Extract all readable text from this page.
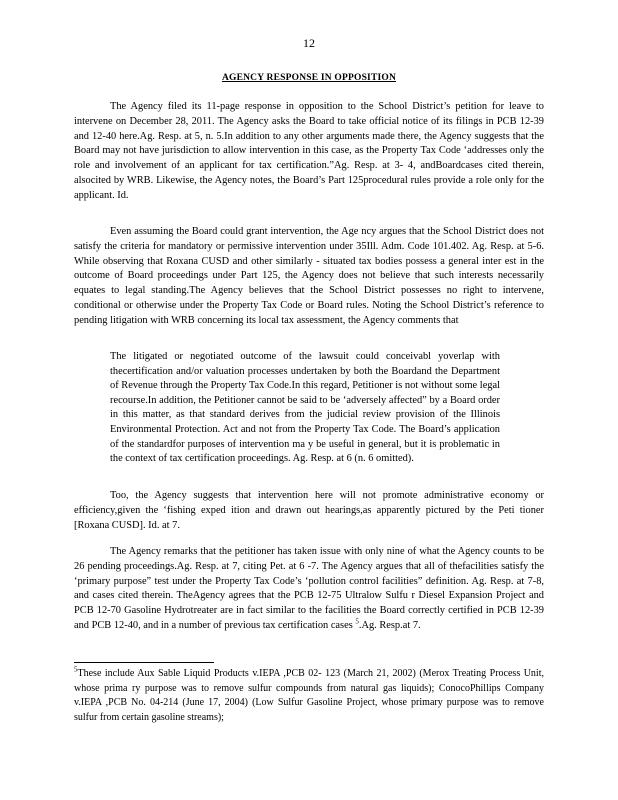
12
AGENCY RESPONSE IN OPPOSITION

The Agency filed its 11-page response in opposition to the School District’s petition for leave to intervene on December 28, 2011. The Agency asks the Board to take official notice of its filings in PCB 12-39 and 12-40 here.Ag. Resp. at 5, n. 5.In addition to any other arguments made there, the Agency suggests that the Board may not have jurisdiction to allow intervention in this case, as the Property Tax Code ‘addresses only the role and involvement of an applicant for tax certification.”Ag. Resp. at 3- 4, andBoardcases cited therein, alsocited by WRB. Likewise, the Agency notes, the Board’s Part 125procedural rules provide a role only for the applicant. Id.

Even assuming the Board could grant intervention, the Age ncy argues that the School District does not satisfy the criteria for mandatory or permissive intervention under 35Ill. Adm. Code 101.402. Ag. Resp. at 5-6. While observing that Roxana CUSD and other similarly - situated tax bodies possess a general inter est in the outcome of Board proceedings under Part 125, the Agency does not believe that such interests necessarily equates to legal standing.The Agency believes that the School District possesses no right to intervene, conditional or otherwise under the Property Tax Code or Board rules. Noting the School District’s reference to pending litigation with WRB concerning its local tax assessment, the Agency comments that

The litigated or negotiated outcome of the lawsuit could conceivabl yoverlap with thecertification and/or valuation processes undertaken by both the Boardand the Department of Revenue through the Property Tax Code.In this regard, Petitioner is not without some legal recourse.In addition, the Petitioner cannot be said to be ‘adversely affected” by a Board order in this matter, as that standard derives from the judicial review provision of the Illinois Environmental Protection. Act and not from the Property Tax Code. The Board’s application of the standardfor purposes of intervention ma y be useful in general, but it is problematic in the context of tax certification proceedings. Ag. Resp. at 6 (n. 6 omitted).

Too, the Agency suggests that intervention here will not promote administrative economy or efficiency,given the ‘fishing exped ition and drawn out hearings,as apparently pictured by the Peti tioner [Roxana CUSD]. Id. at 7.

The Agency remarks that the petitioner has taken issue with only nine of what the Agency counts to be 26 pending proceedings.Ag. Resp. at 7, citing Pet. at 6 -7. The Agency argues that all of thefacilities satisfy the ‘primary purpose” test under the Property Tax Code’s ‘pollution control facilities” definition. Ag. Resp. at 7-8, and cases cited therein. TheAgency agrees that the PCB 12-75 Ultralow Sulfu r Diesel Expansion Project and PCB 12-70 Gasoline Hydrotreater are in fact similar to the facilities the Board correctly certified in PCB 12-39 and PCB 12-40, and in a number of previous tax certification cases $^5$.Ag. Resp.at 7.

$^5$These include Aux Sable Liquid Products v.IEPA ,PCB 02- 123 (March 21, 2002) (Merox Treating Process Unit, whose prima ry purpose was to remove sulfur compounds from natural gas liquids); ConocoPhillips Company v.IEPA ,PCB No. 04-214 (June 17, 2004) (Low Sulfur Gasoline Project, whose primary purpose was to remove sulfur from certain gasoline streams);
